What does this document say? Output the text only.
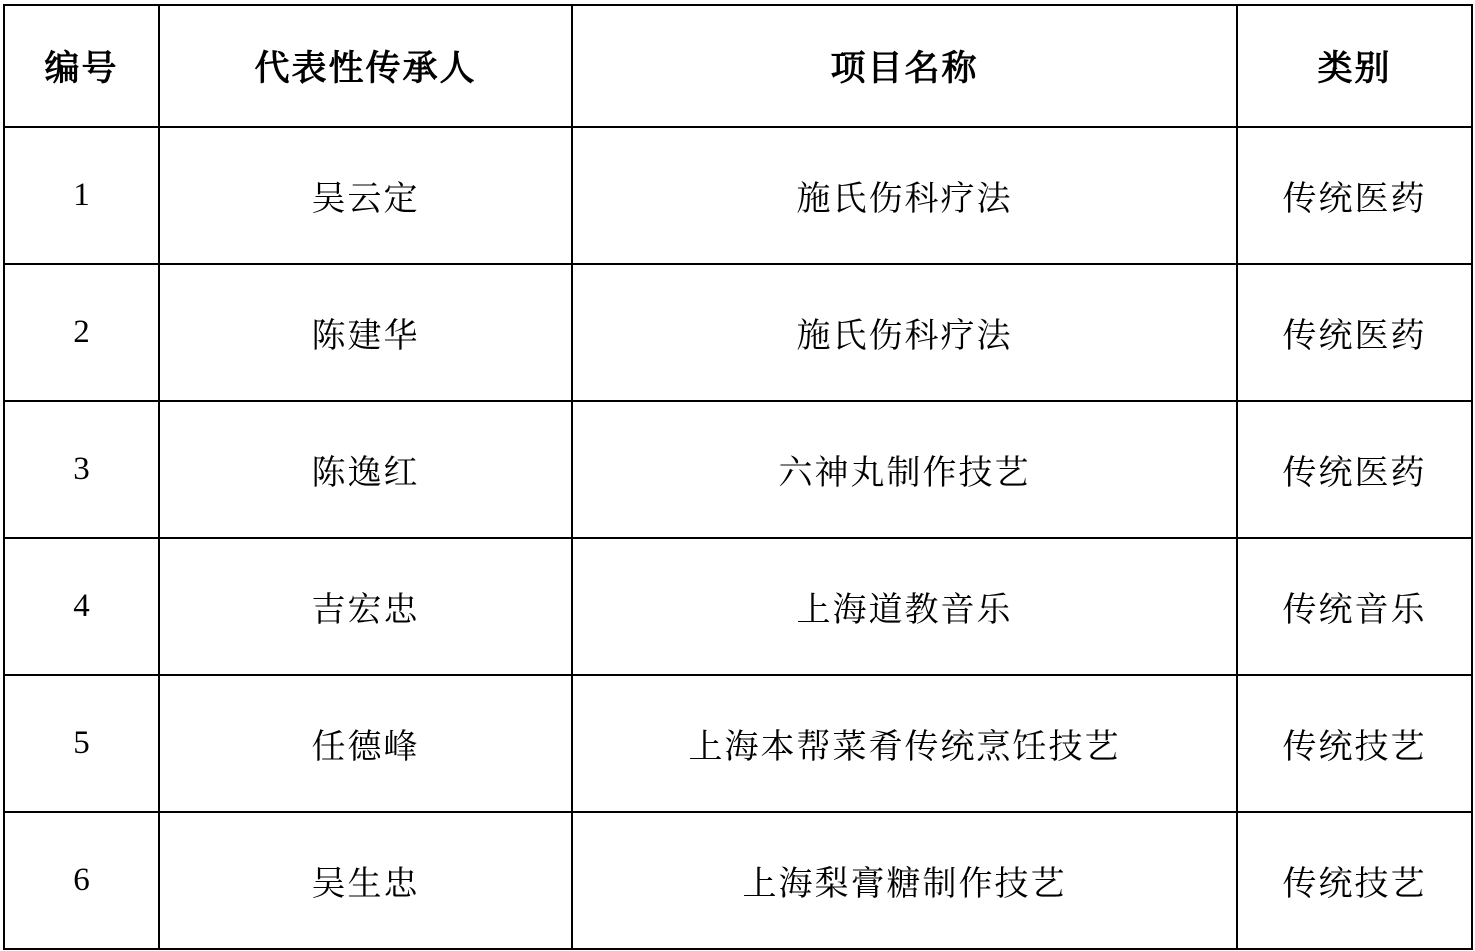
编号	代表性传承人	项目名称	类别
1	吴云定	施氏伤科疗法	传统医药
2	陈建华	施氏伤科疗法	传统医药
3	陈逸红	六神丸制作技艺	传统医药
4	吉宏忠	上海道教音乐	传统音乐
5	任德峰	上海本帮菜肴传统烹饪技艺	传统技艺
6	吴生忠	上海梨膏糖制作技艺	传统技艺
